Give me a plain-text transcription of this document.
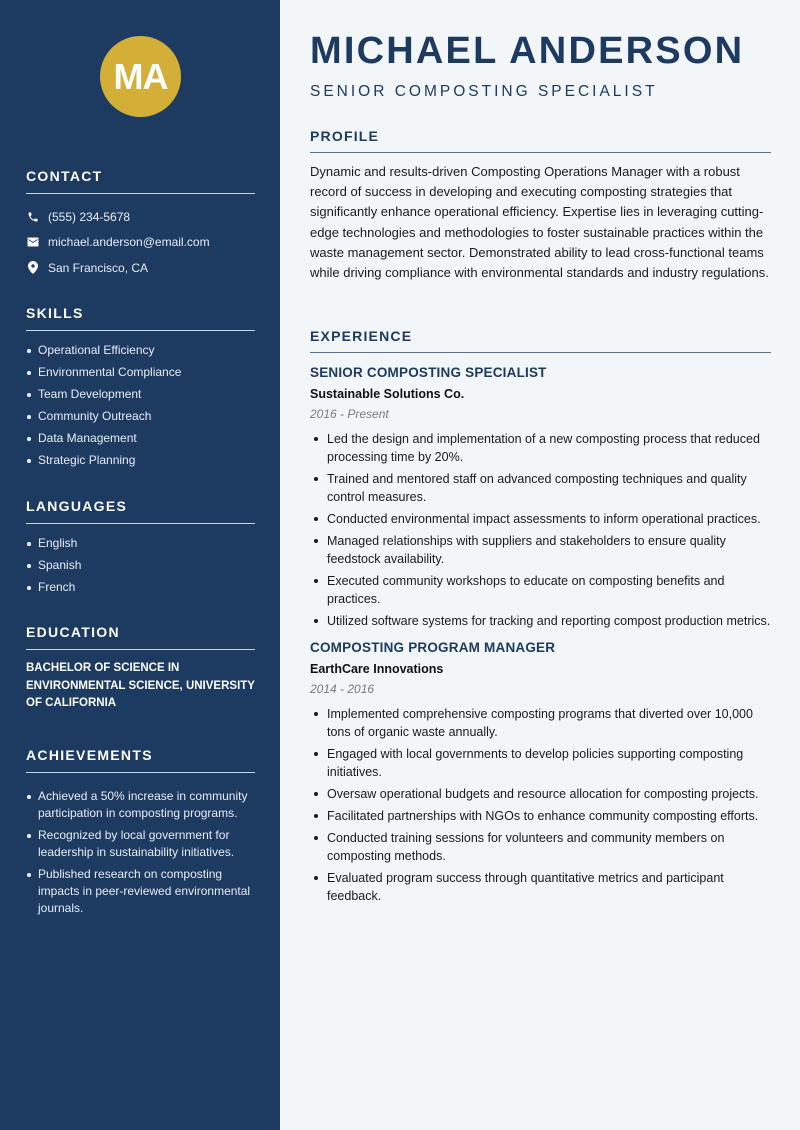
MA
CONTACT
(555) 234-5678
michael.anderson@email.com
San Francisco, CA
SKILLS
Operational Efficiency
Environmental Compliance
Team Development
Community Outreach
Data Management
Strategic Planning
LANGUAGES
English
Spanish
French
EDUCATION
BACHELOR OF SCIENCE IN ENVIRONMENTAL SCIENCE, UNIVERSITY OF CALIFORNIA
ACHIEVEMENTS
Achieved a 50% increase in community participation in composting programs.
Recognized by local government for leadership in sustainability initiatives.
Published research on composting impacts in peer-reviewed environmental journals.
MICHAEL ANDERSON
SENIOR COMPOSTING SPECIALIST
PROFILE
Dynamic and results-driven Composting Operations Manager with a robust record of success in developing and executing composting strategies that significantly enhance operational efficiency. Expertise lies in leveraging cutting-edge technologies and methodologies to foster sustainable practices within the waste management sector. Demonstrated ability to lead cross-functional teams while driving compliance with environmental standards and industry regulations.
EXPERIENCE
SENIOR COMPOSTING SPECIALIST
Sustainable Solutions Co.
2016 - Present
Led the design and implementation of a new composting process that reduced processing time by 20%.
Trained and mentored staff on advanced composting techniques and quality control measures.
Conducted environmental impact assessments to inform operational practices.
Managed relationships with suppliers and stakeholders to ensure quality feedstock availability.
Executed community workshops to educate on composting benefits and practices.
Utilized software systems for tracking and reporting compost production metrics.
COMPOSTING PROGRAM MANAGER
EarthCare Innovations
2014 - 2016
Implemented comprehensive composting programs that diverted over 10,000 tons of organic waste annually.
Engaged with local governments to develop policies supporting composting initiatives.
Oversaw operational budgets and resource allocation for composting projects.
Facilitated partnerships with NGOs to enhance community composting efforts.
Conducted training sessions for volunteers and community members on composting methods.
Evaluated program success through quantitative metrics and participant feedback.
